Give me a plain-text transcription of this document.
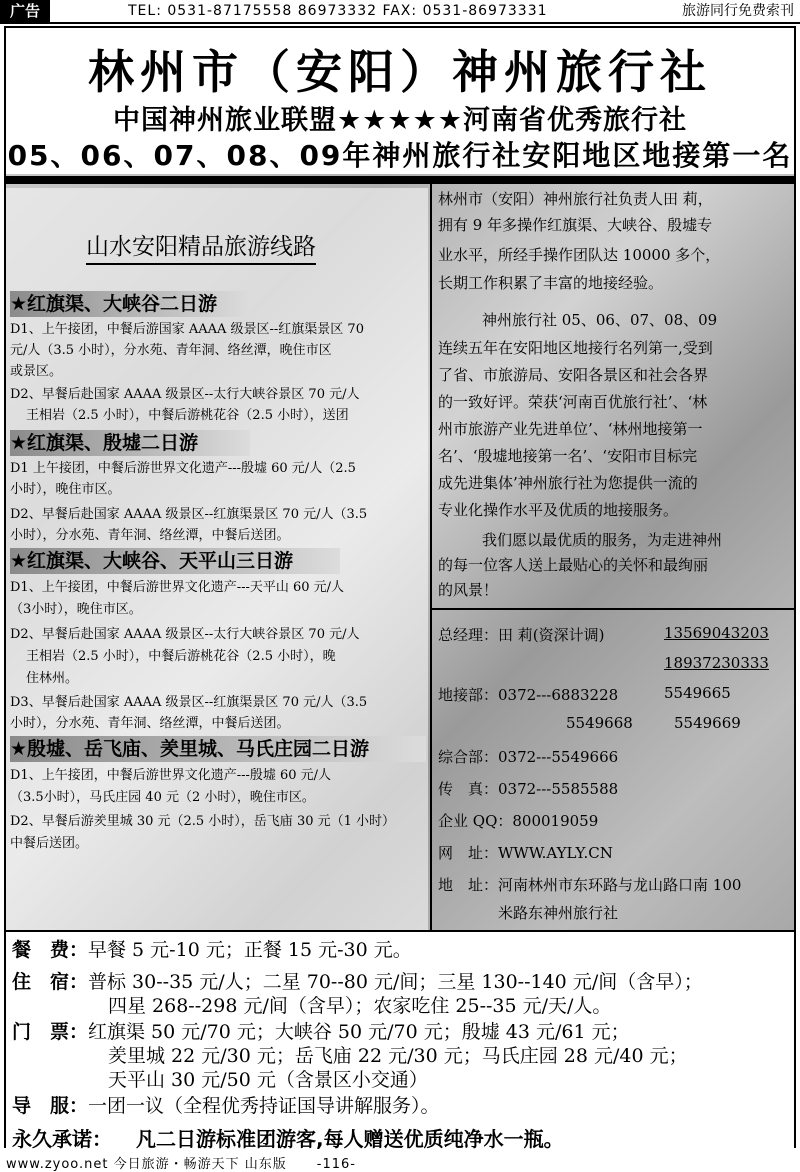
广告	TEL: 0531-87175558 86973332 FAX: 0531-86973331	旅游同行免费索刊
林州市（安阳）神州旅行社
中国神州旅业联盟★★★★★河南省优秀旅行社
05、06、07、08、09年神州旅行社安阳地区地接第一名
山水安阳精品旅游线路
★红旗渠、大峡谷二日游
D1、上午接团，中餐后游国家 AAAA 级景区--红旗渠景区 70
元/人（3.5 小时），分水苑、青年洞、络丝潭，晚住市区
或景区。
D2、早餐后赴国家 AAAA 级景区--太行大峡谷景区 70 元/人
王相岩（2.5 小时），中餐后游桃花谷（2.5 小时），送团
★红旗渠、殷墟二日游
D1 上午接团，中餐后游世界文化遗产---殷墟 60 元/人（2.5
小时），晚住市区。
D2、早餐后赴国家 AAAA 级景区--红旗渠景区 70 元/人（3.5
小时），分水苑、青年洞、络丝潭，中餐后送团。
★红旗渠、大峡谷、天平山三日游
D1、上午接团，中餐后游世界文化遗产---天平山 60 元/人
（3小时），晚住市区。
D2、早餐后赴国家 AAAA 级景区--太行大峡谷景区 70 元/人
王相岩（2.5 小时），中餐后游桃花谷（2.5 小时），晚
住林州。
D3、早餐后赴国家 AAAA 级景区--红旗渠景区 70 元/人（3.5
小时），分水苑、青年洞、络丝潭，中餐后送团。
★殷墟、岳飞庙、羑里城、马氏庄园二日游
D1、上午接团，中餐后游世界文化遗产---殷墟 60 元/人
（3.5小时），马氏庄园 40 元（2 小时），晚住市区。
D2、早餐后游羑里城 30 元（2.5 小时），岳飞庙 30 元（1 小时）
中餐后送团。
林州市（安阳）神州旅行社负责人田 莉，
拥有 9 年多操作红旗渠、大峡谷、殷墟专
业水平，所经手操作团队达 10000 多个，
长期工作积累了丰富的地接经验。
神州旅行社 05、06、07、08、09
连续五年在安阳地区地接行名列第一,受到
了省、市旅游局、安阳各景区和社会各界
的一致好评。荣获‘河南百优旅行社’、‘林
州市旅游产业先进单位’、‘林州地接第一
名’、‘殷墟地接第一名’、‘安阳市目标完
成先进集体’神州旅行社为您提供一流的
专业化操作水平及优质的地接服务。
我们愿以最优质的服务，为走进神州
的每一位客人送上最贴心的关怀和最绚丽
的风景！
总经理：田 莉(资深计调)	13569043203
18937230333
地接部：0372---6883228	5549665
5549668	5549669
综合部：0372---5549666
传　真：0372---5585588
企业 QQ：800019059
网　址：WWW.AYLY.CN
地　址：河南林州市东环路与龙山路口南 100
米路东神州旅行社
餐　费：早餐 5 元-10 元；正餐 15 元-30 元。
住　宿：普标 30--35 元/人；二星 70--80 元/间；三星 130--140 元/间（含早）；
四星 268--298 元/间（含早）；农家吃住 25--35 元/天/人。
门　票：红旗渠 50 元/70 元；大峡谷 50 元/70 元；殷墟 43 元/61 元；
羑里城 22 元/30 元；岳飞庙 22 元/30 元；马氏庄园 28 元/40 元；
天平山 30 元/50 元（含景区小交通）
导　服：一团一议（全程优秀持证国导讲解服务）。
永久承诺： 凡二日游标准团游客,每人赠送优质纯净水一瓶。
www.zyoo.net 今日旅游・畅游天下 山东版 -116-
